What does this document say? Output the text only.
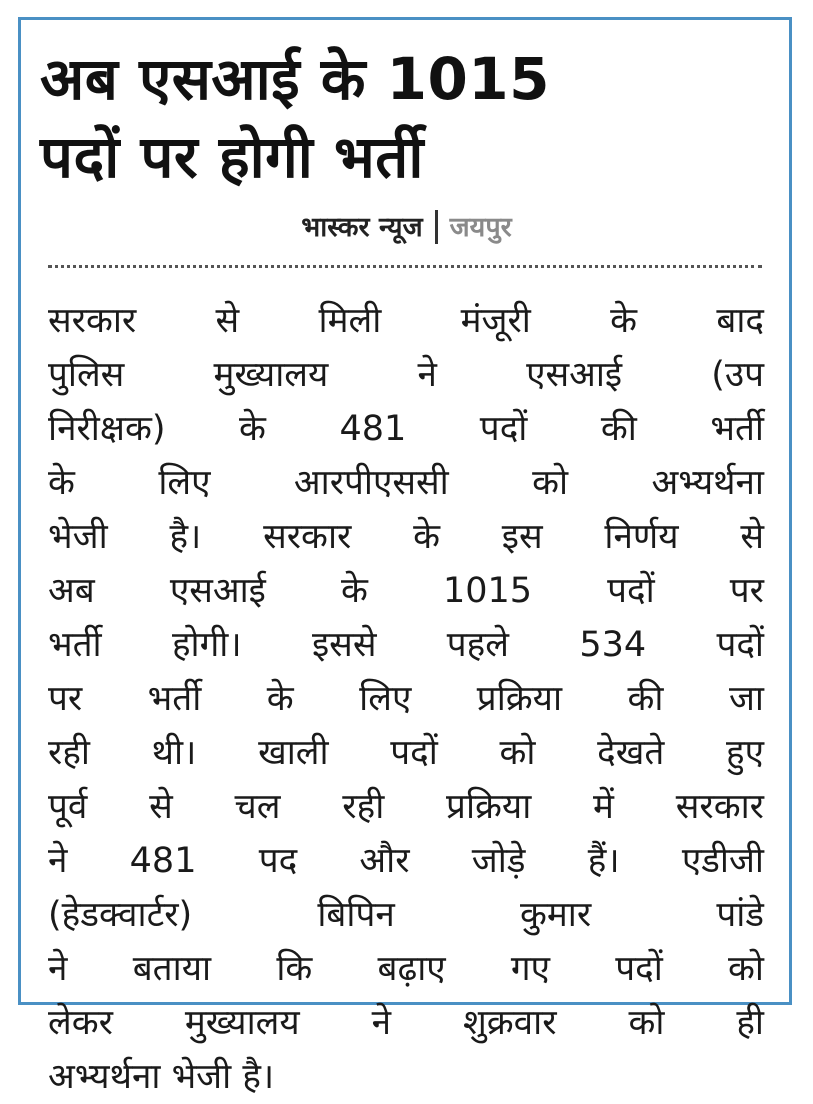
अब एसआई के 1015
पदों पर होगी भर्ती
भास्कर न्यूज जयपुर
सरकार से मिली मंजूरी के बाद
पुलिस मुख्यालय ने एसआई (उप
निरीक्षक) के 481 पदों की भर्ती
के लिए आरपीएससी को अभ्यर्थना
भेजी है। सरकार के इस निर्णय से
अब एसआई के 1015 पदों पर
भर्ती होगी। इससे पहले 534 पदों
पर भर्ती के लिए प्रक्रिया की जा
रही थी। खाली पदों को देखते हुए
पूर्व से चल रही प्रक्रिया में सरकार
ने 481 पद और जोड़े हैं। एडीजी
(हेडक्वार्टर) बिपिन कुमार पांडे
ने बताया कि बढ़ाए गए पदों को
लेकर मुख्यालय ने शुक्रवार को ही
अभ्यर्थना भेजी है।
